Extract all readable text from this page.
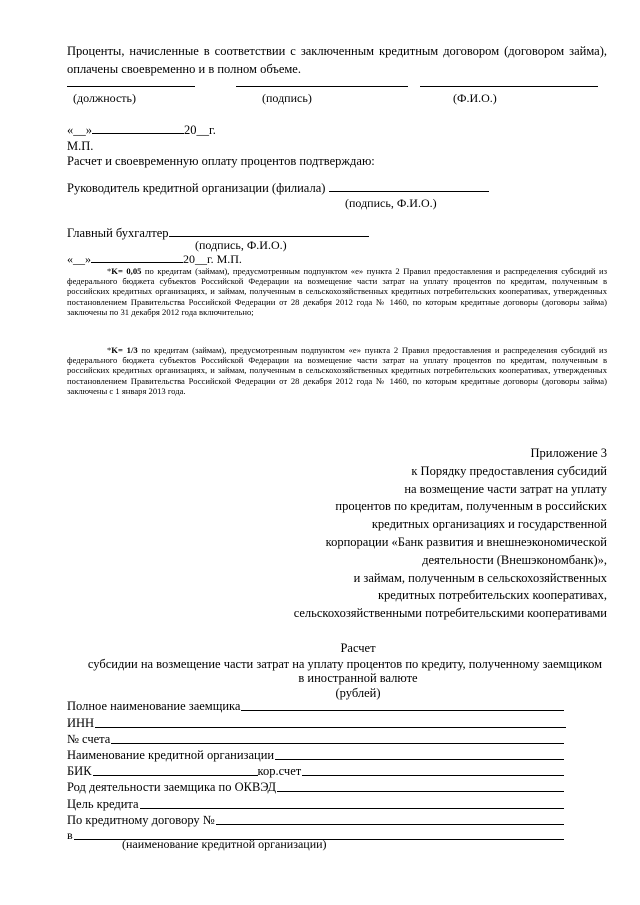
Проценты, начисленные в соответствии с заключенным кредитным договором (договором займа), оплачены своевременно и в полном объеме.
(должность)	(подпись)	(Ф.И.О.)
«__»	20__г.
М.П.
Расчет и своевременную оплату процентов подтверждаю:
Руководитель кредитной организации (филиала)
(подпись, Ф.И.О.)
Главный бухгалтер
(подпись, Ф.И.О.)
«__»	20__г. М.П.
*K= 0,05 по кредитам (займам), предусмотренным подпунктом «е» пункта 2 Правил предоставления и распределения субсидий из федерального бюджета субъектов Российской Федерации на возмещение части затрат на уплату процентов по кредитам, полученным в российских кредитных организациях, и займам, полученным в сельскохозяйственных кредитных потребительских кооперативах, утвержденных постановлением Правительства Российской Федерации от 28 декабря 2012 года № 1460, по которым кредитные договоры (договоры займа) заключены по 31 декабря 2012 года включительно;
*K= 1/3 по кредитам (займам), предусмотренным подпунктом «е» пункта 2 Правил предоставления и распределения субсидий из федерального бюджета субъектов Российской Федерации на возмещение части затрат на уплату процентов по кредитам, полученным в российских кредитных организациях, и займам, полученным в сельскохозяйственных кредитных потребительских кооперативах, утвержденных постановлением Правительства Российской Федерации от 28 декабря 2012 года № 1460, по которым кредитные договоры (договоры займа) заключены с 1 января 2013 года.
Приложение 3
к Порядку предоставления субсидий
на возмещение части затрат на уплату
процентов по кредитам, полученным в российских
кредитных организациях и государственной
корпорации «Банк развития и внешнеэкономической
деятельности (Внешэкономбанк)»,
и займам, полученным в сельскохозяйственных
кредитных потребительских кооперативах,
сельскохозяйственными потребительскими кооперативами
Расчет
субсидии на возмещение части затрат на уплату процентов по кредиту, полученному заемщиком
в иностранной валюте
(рублей)
Полное наименование заемщика
ИНН
№ счета
Наименование кредитной организации
БИК	кор.счет
Род деятельности заемщика по ОКВЭД
Цель кредита
По кредитному договору №
в
(наименование кредитной организации)
